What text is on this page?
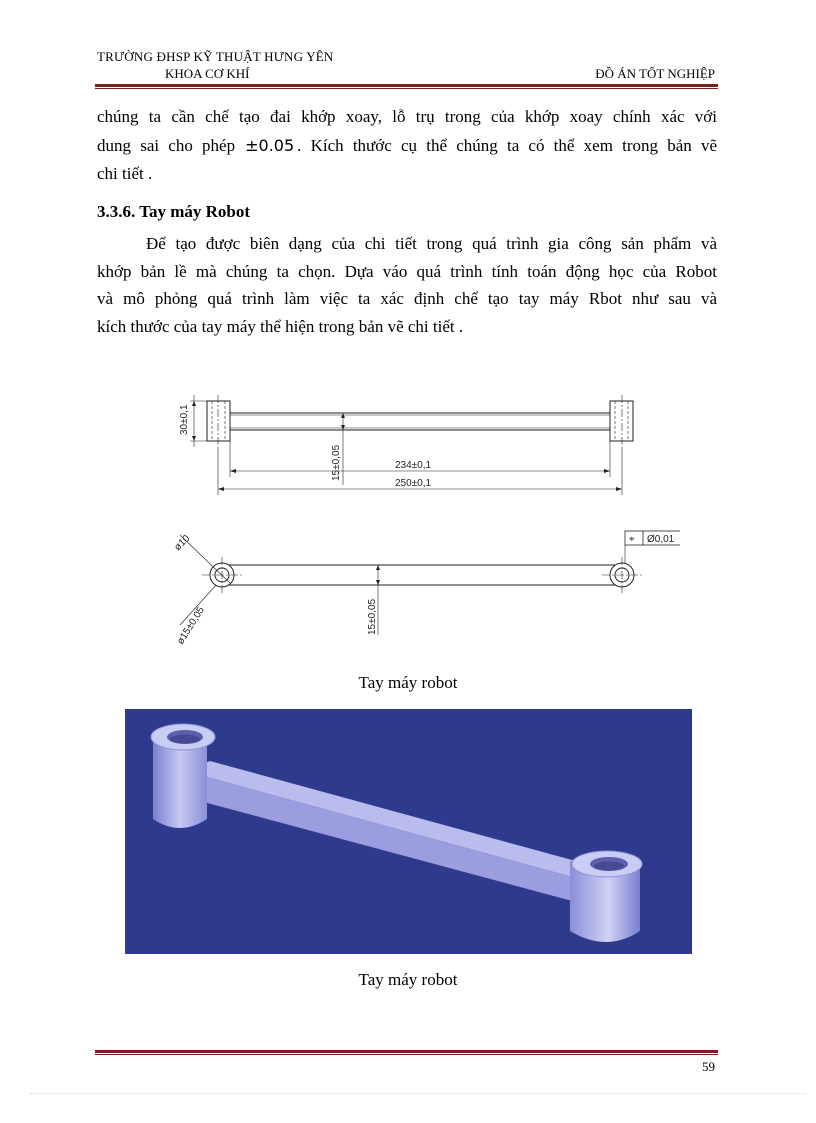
TRƯỜNG ĐHSP KỸ THUẬT HƯNG YÊN
KHOA CƠ KHÍ	ĐỒ ÁN TỐT NGHIỆP

chúng ta cần chế tạo đai khớp xoay, lỗ trụ trong của khớp xoay chính xác với

dung sai cho phép ±0.05 . Kích thước cụ thể chúng ta có thể xem trong bản vẽ

chi tiết .

3.3.6. Tay máy Robot

Để tạo được biên dạng của chi tiết trong quá trình gia công sản phẩm và

khớp bản lề mà chúng ta chọn. Dựa váo quá trình tính toán động học của Robot

và mô phỏng quá trình làm việc ta xác định chế tạo tay máy Rbot như sau và

kích thước của tay máy thể hiện trong bản vẽ chi tiết .

30±0,1
15±0,05	234±0,1
250±0,1
ø10
ø15±0,05	15±0,05
⌖ Ø0,01

Tay máy robot

Tay máy robot

59
